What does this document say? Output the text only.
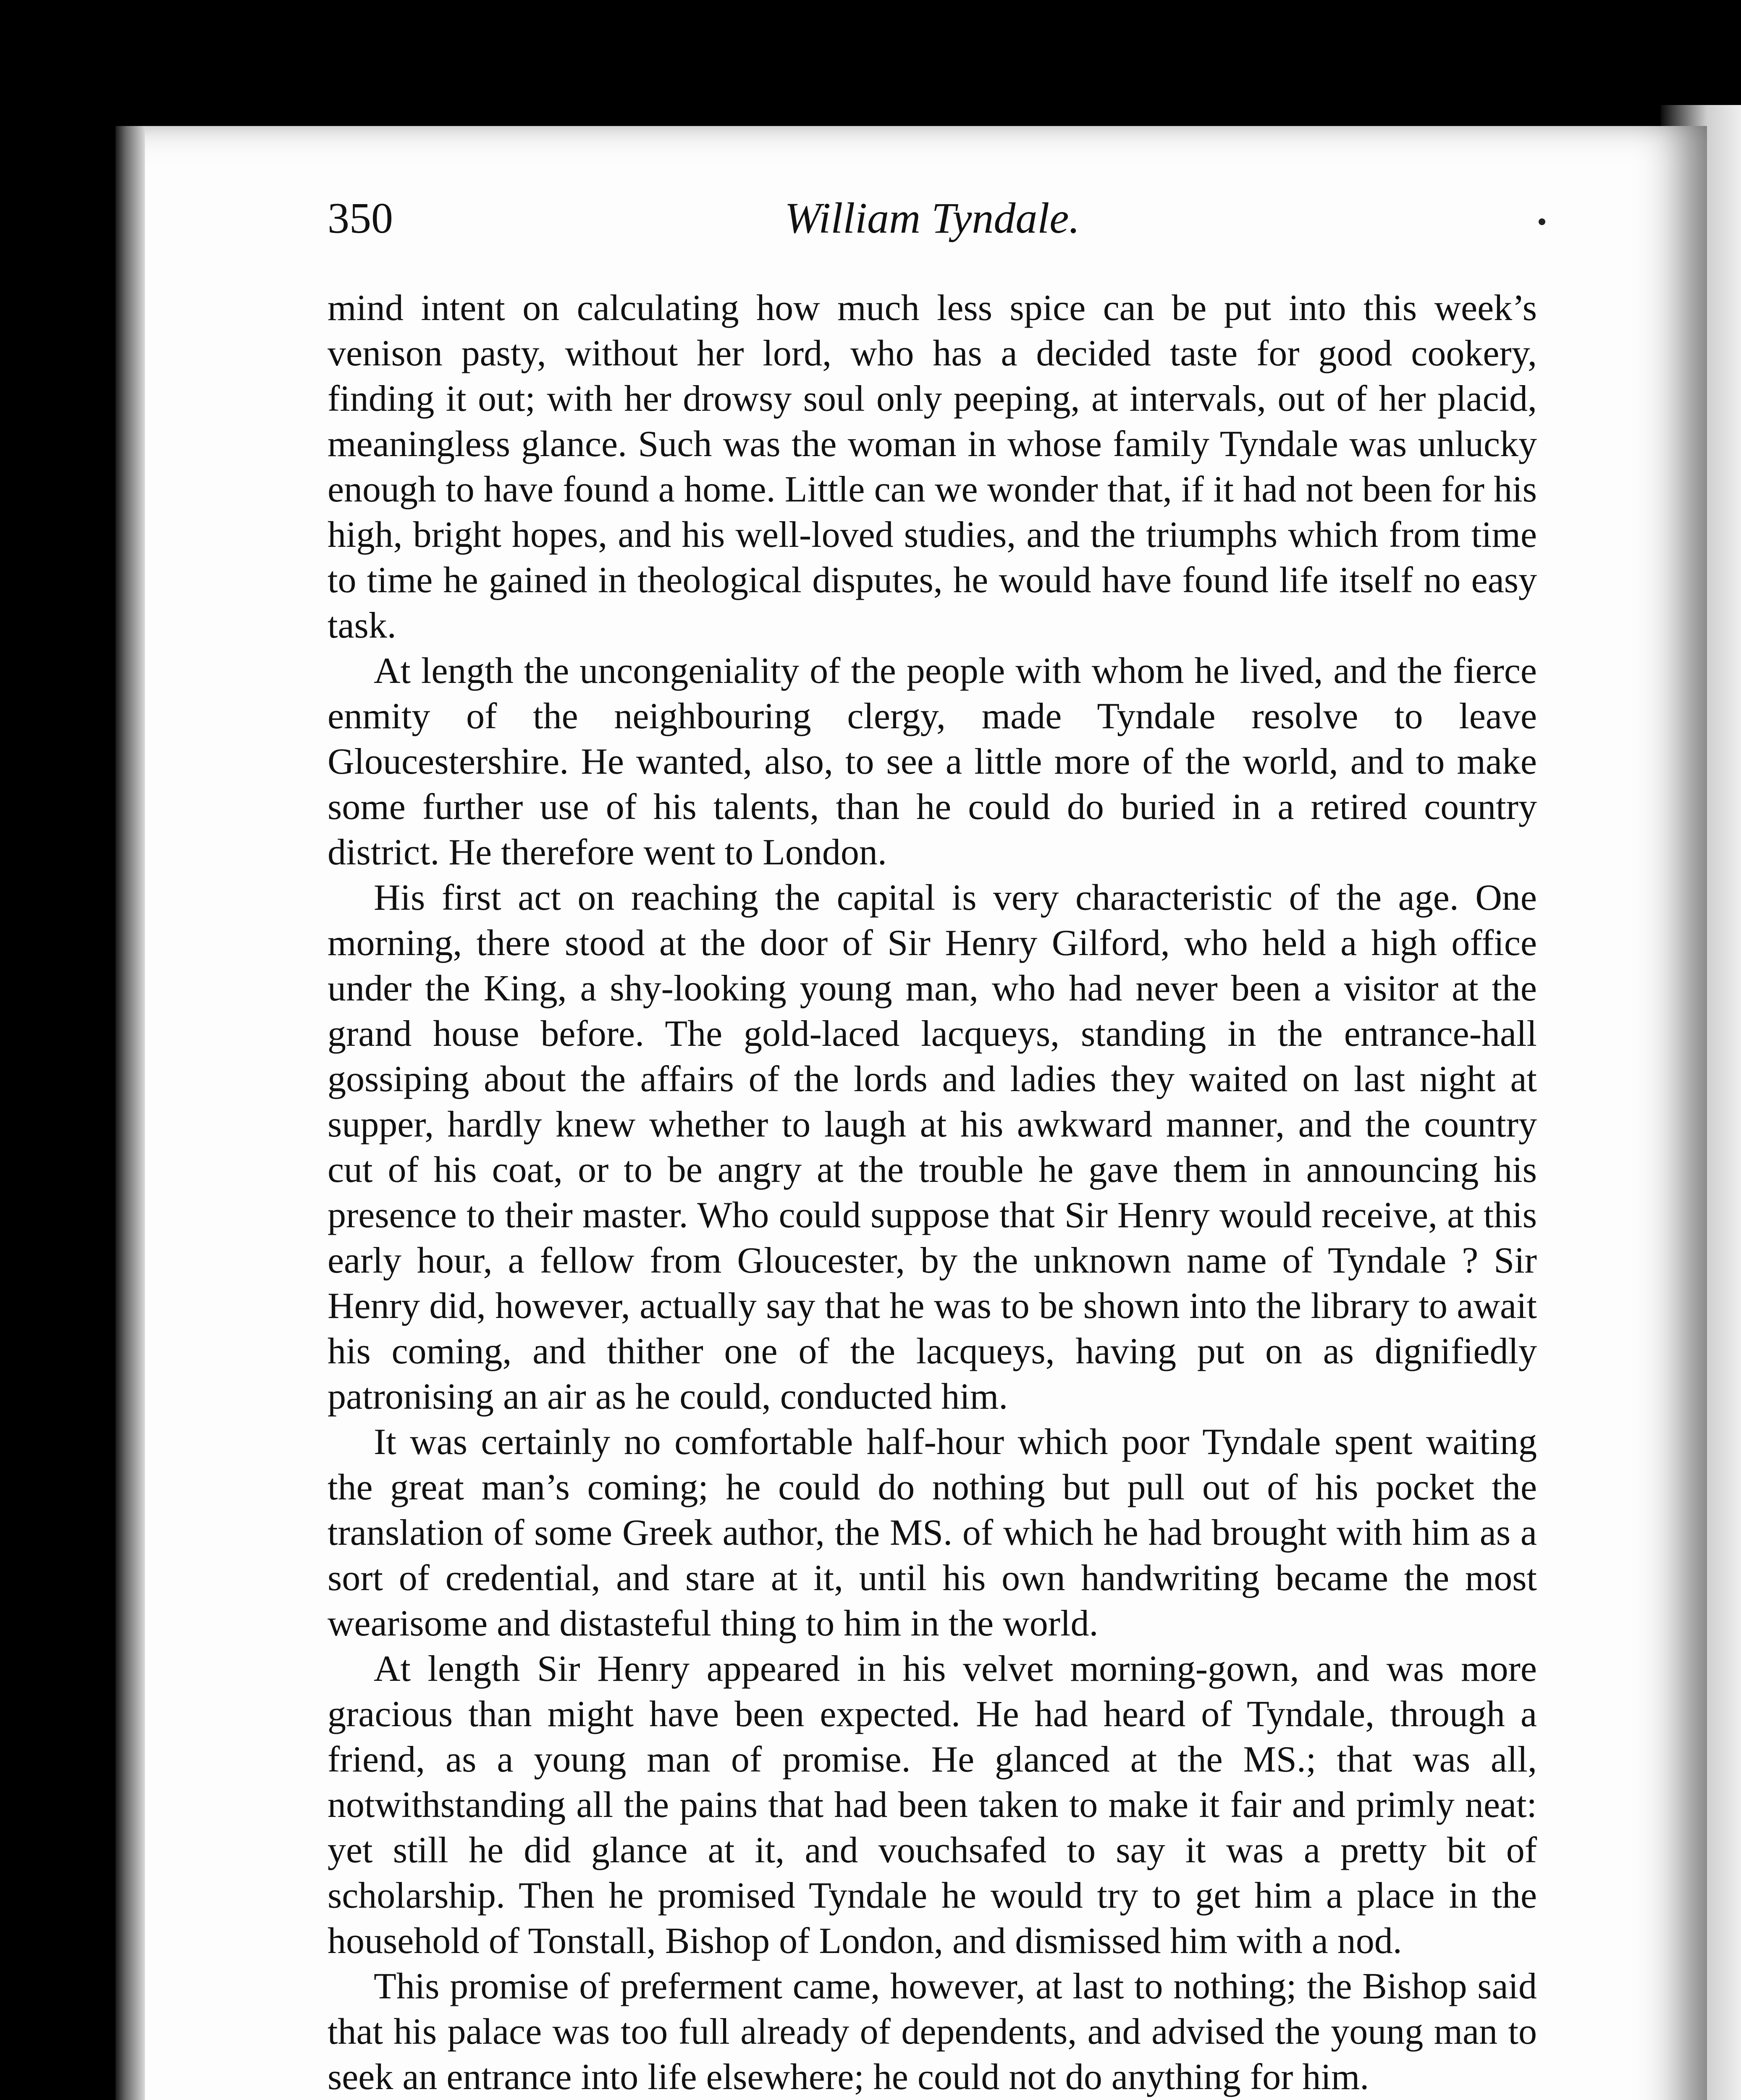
350	William Tyndale.

mind intent on calculating how much less spice can be put into this week’s venison pasty, without her lord, who has a decided taste for good cookery, finding it out; with her drowsy soul only peeping, at intervals, out of her placid, meaningless glance. Such was the woman in whose family Tyndale was unlucky enough to have found a home. Little can we wonder that, if it had not been for his high, bright hopes, and his well-loved studies, and the triumphs which from time to time he gained in theological disputes, he would have found life itself no easy task.

At length the uncongeniality of the people with whom he lived, and the fierce enmity of the neighbouring clergy, made Tyndale resolve to leave Gloucestershire. He wanted, also, to see a little more of the world, and to make some further use of his talents, than he could do buried in a retired country district. He therefore went to London.

His first act on reaching the capital is very characteristic of the age. One morning, there stood at the door of Sir Henry Gilford, who held a high office under the King, a shy-looking young man, who had never been a visitor at the grand house before. The gold-laced lacqueys, standing in the entrance-hall gossiping about the affairs of the lords and ladies they waited on last night at supper, hardly knew whether to laugh at his awkward manner, and the country cut of his coat, or to be angry at the trouble he gave them in announcing his presence to their master. Who could suppose that Sir Henry would receive, at this early hour, a fellow from Gloucester, by the unknown name of Tyndale ? Sir Henry did, however, actually say that he was to be shown into the library to await his coming, and thither one of the lacqueys, having put on as dignifiedly patronising an air as he could, conducted him.

It was certainly no comfortable half-hour which poor Tyndale spent waiting the great man’s coming; he could do nothing but pull out of his pocket the translation of some Greek author, the MS. of which he had brought with him as a sort of credential, and stare at it, until his own handwriting became the most wearisome and distasteful thing to him in the world.

At length Sir Henry appeared in his velvet morning-gown, and was more gracious than might have been expected. He had heard of Tyndale, through a friend, as a young man of promise. He glanced at the MS.; that was all, notwithstanding all the pains that had been taken to make it fair and primly neat: yet still he did glance at it, and vouchsafed to say it was a pretty bit of scholarship. Then he promised Tyndale he would try to get him a place in the household of Tonstall, Bishop of London, and dismissed him with a nod.

This promise of preferment came, however, at last to nothing; the Bishop said that his palace was too full already of dependents, and advised the young man to seek an entrance into life elsewhere; he could not do anything for him.
